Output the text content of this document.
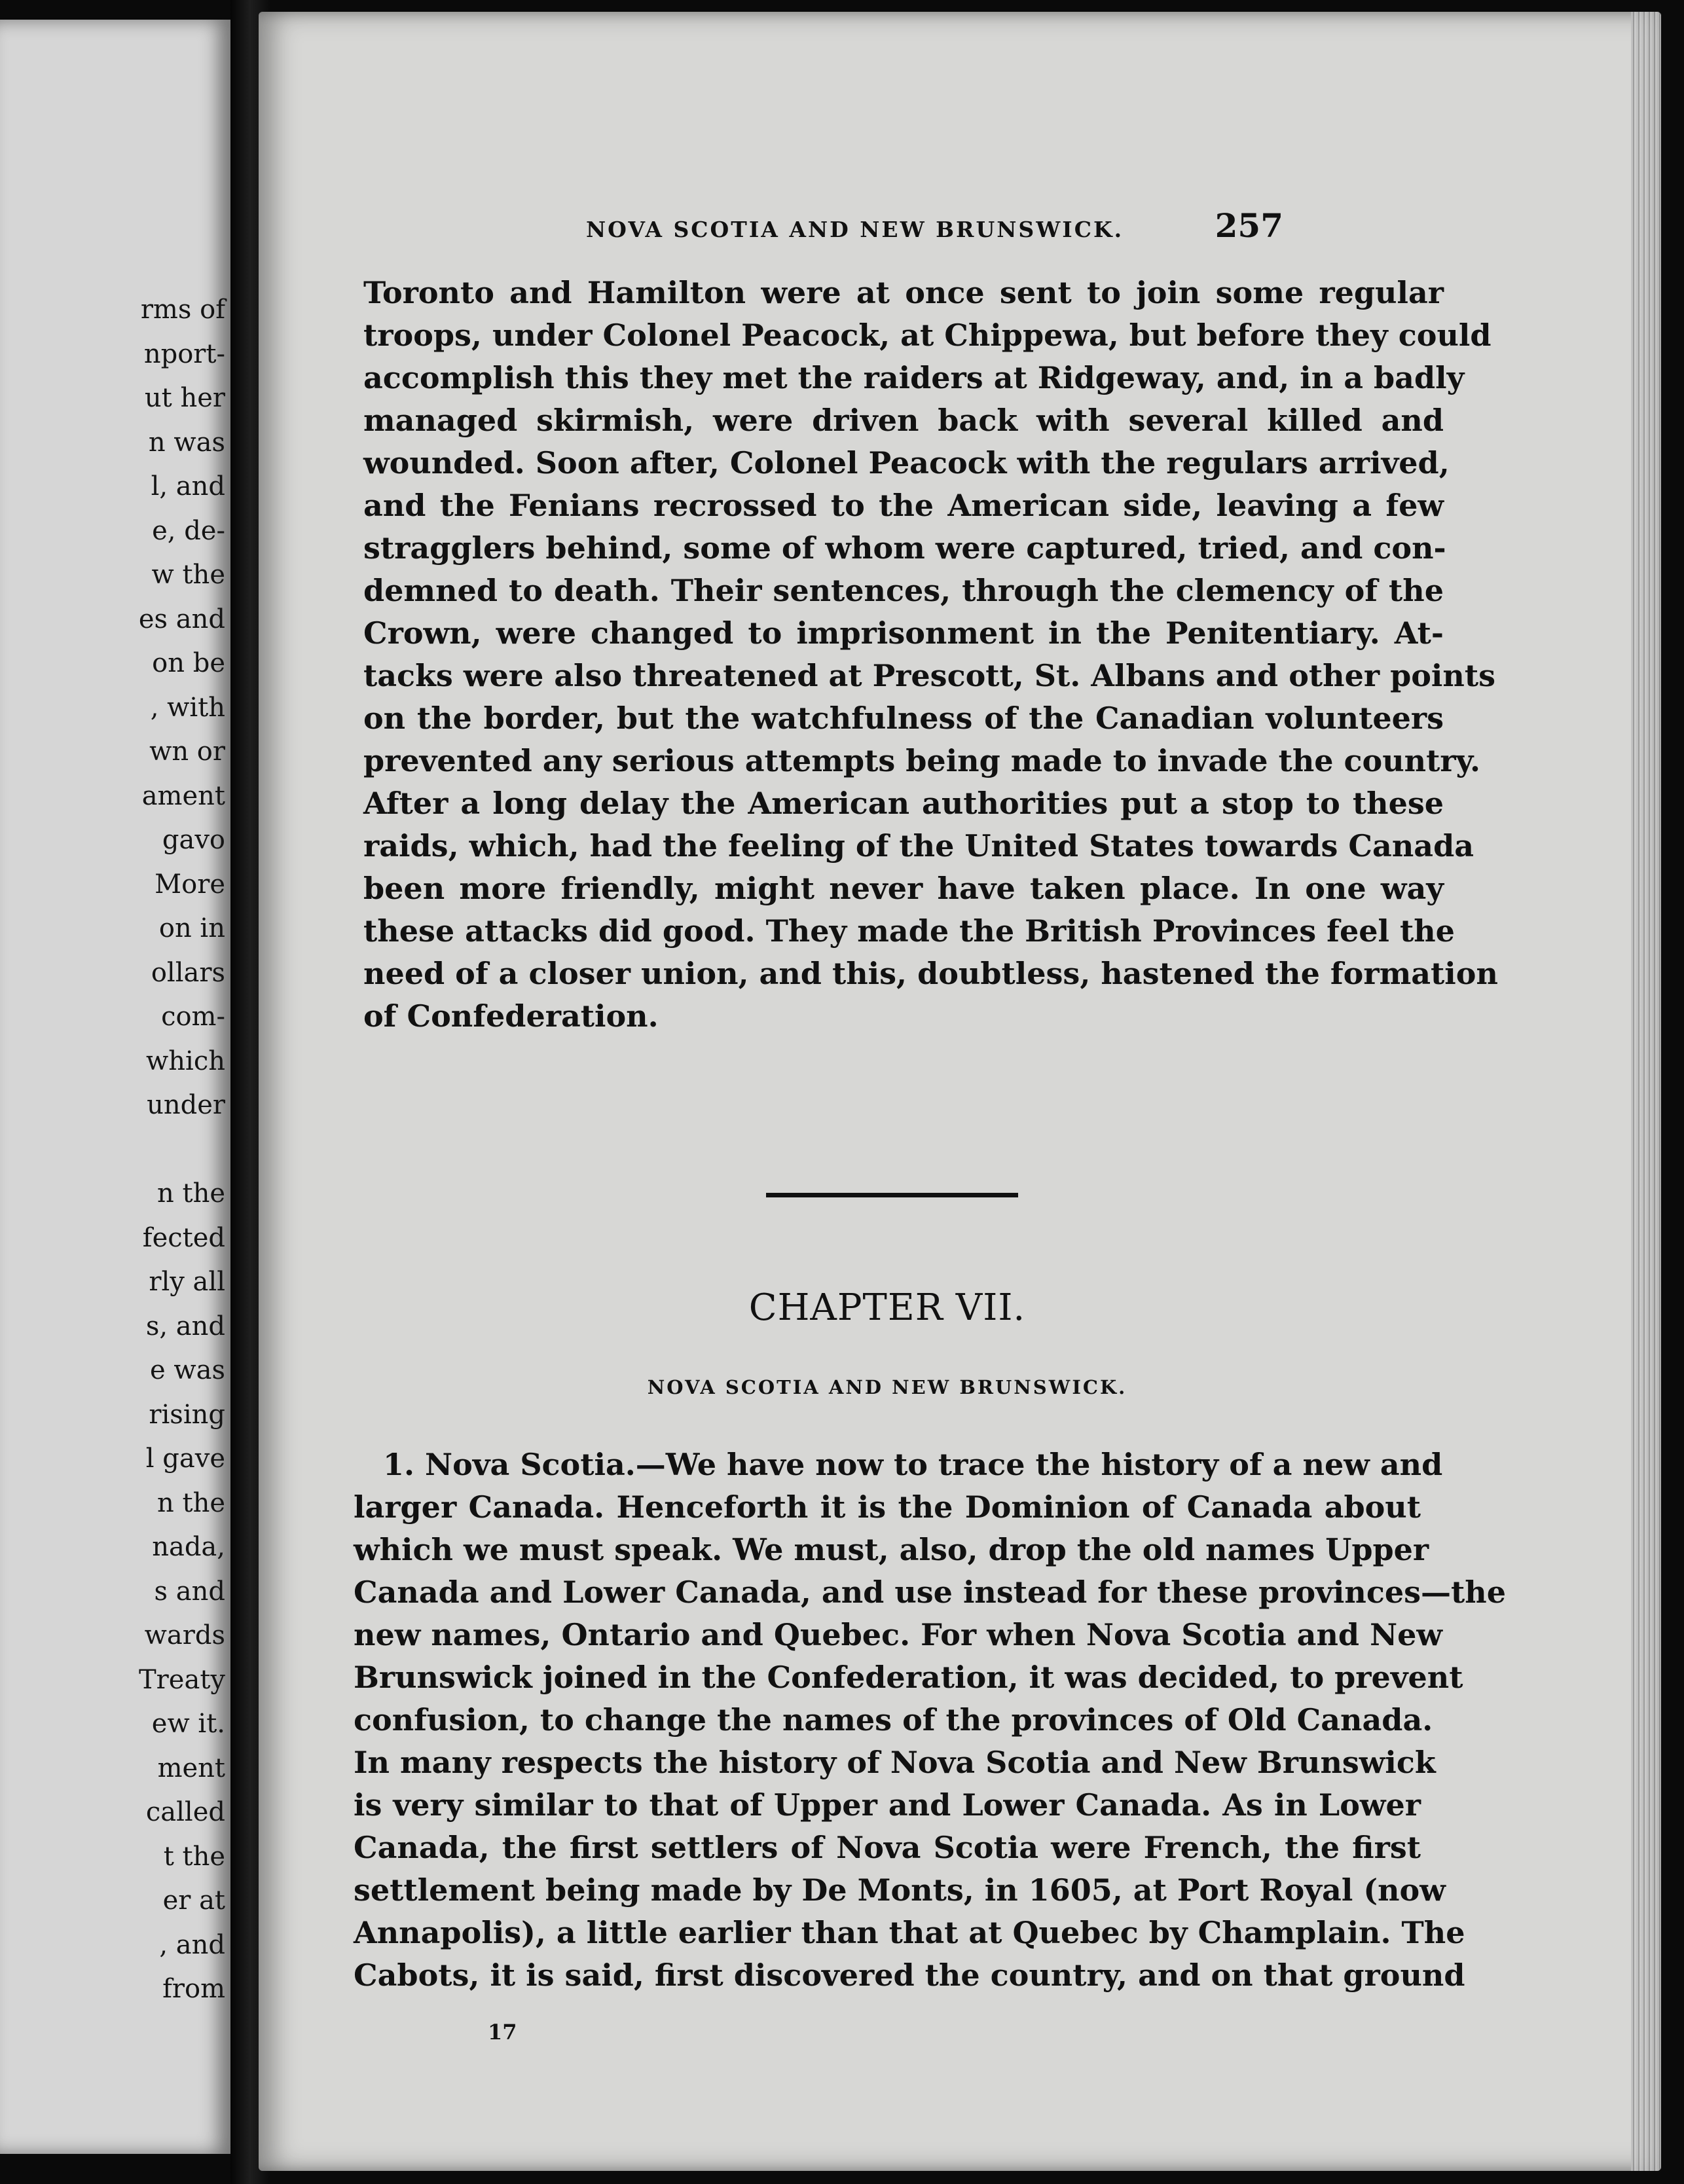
rms of
nport-
ut her
n was
l, and
e, de-
w the
es and
on be
, with
wn or
ament
gavo
More
on in
ollars
com-
which
under
n the
fected
rly all
s, and
e was
rising
l gave
n the
nada,
s and
wards
Treaty
ew it.
ment
called
t the
er at
, and
from
NOVA SCOTIA AND NEW BRUNSWICK.	257
Toronto and Hamilton were at once sent to join some regular
troops, under Colonel Peacock, at Chippewa, but before they could
accomplish this they met the raiders at Ridgeway, and, in a badly
managed skirmish, were driven back with several killed and
wounded. Soon after, Colonel Peacock with the regulars arrived,
and the Fenians recrossed to the American side, leaving a few
stragglers behind, some of whom were captured, tried, and con-
demned to death. Their sentences, through the clemency of the
Crown, were changed to imprisonment in the Penitentiary. At-
tacks were also threatened at Prescott, St. Albans and other points
on the border, but the watchfulness of the Canadian volunteers
prevented any serious attempts being made to invade the country.
After a long delay the American authorities put a stop to these
raids, which, had the feeling of the United States towards Canada
been more friendly, might never have taken place. In one way
these attacks did good. They made the British Provinces feel the
need of a closer union, and this, doubtless, hastened the formation
of Confederation.
CHAPTER VII.
NOVA SCOTIA AND NEW BRUNSWICK.
1. Nova Scotia.—We have now to trace the history of a new and
larger Canada. Henceforth it is the Dominion of Canada about
which we must speak. We must, also, drop the old names Upper
Canada and Lower Canada, and use instead for these provinces—the
new names, Ontario and Quebec. For when Nova Scotia and New
Brunswick joined in the Confederation, it was decided, to prevent
confusion, to change the names of the provinces of Old Canada.
In many respects the history of Nova Scotia and New Brunswick
is very similar to that of Upper and Lower Canada. As in Lower
Canada, the first settlers of Nova Scotia were French, the first
settlement being made by De Monts, in 1605, at Port Royal (now
Annapolis), a little earlier than that at Quebec by Champlain. The
Cabots, it is said, first discovered the country, and on that ground
17
